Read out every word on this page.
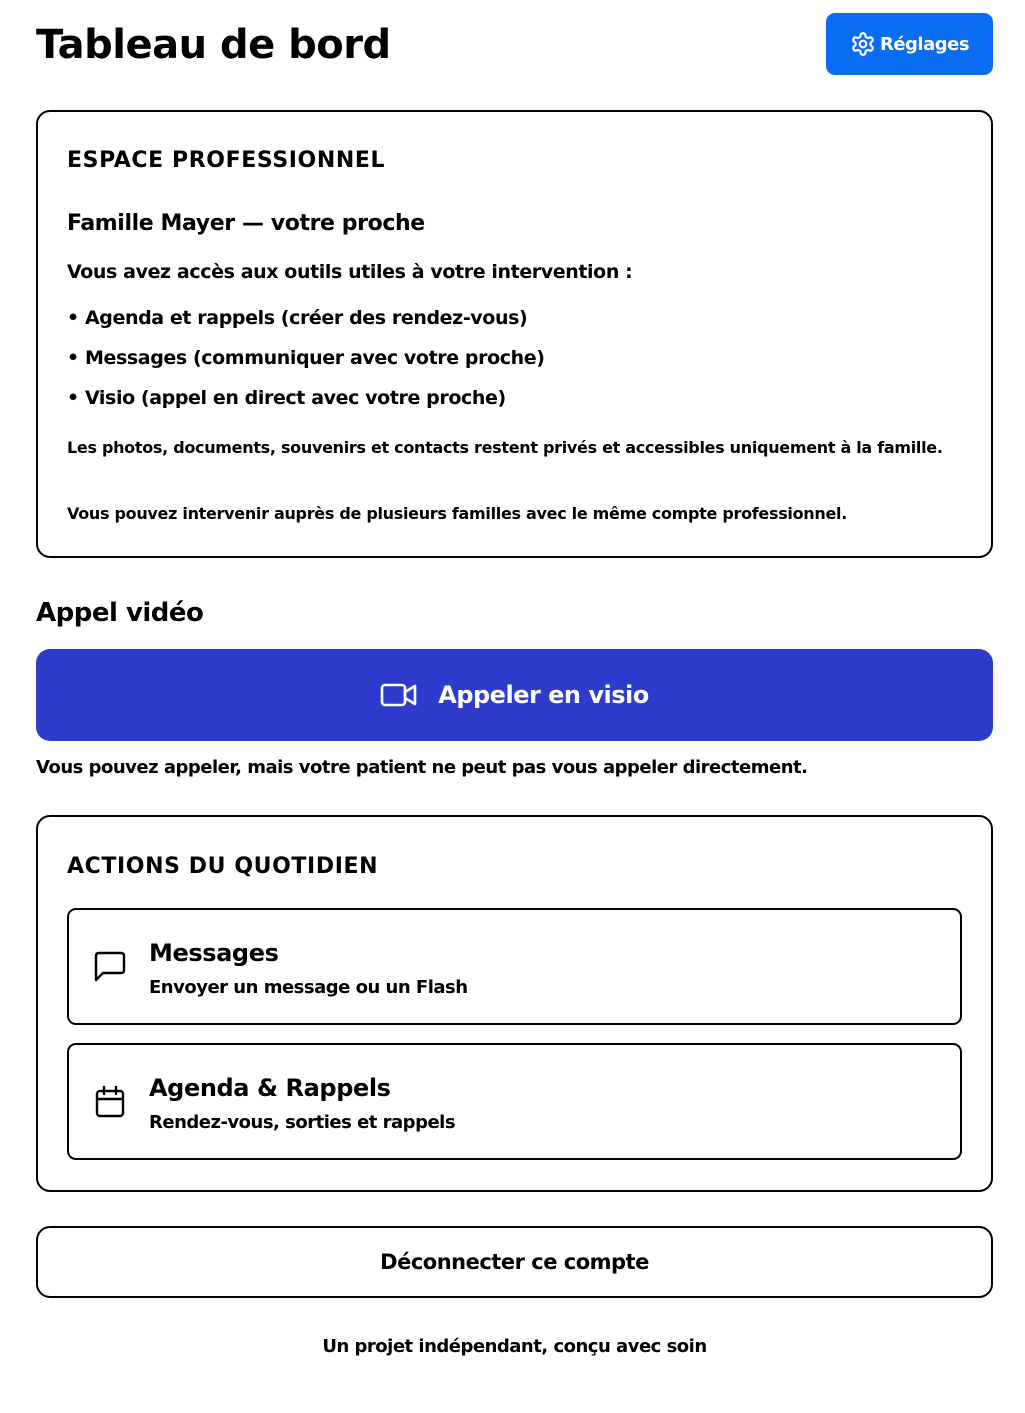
Tableau de bord	Réglages
ESPACE PROFESSIONNEL
Famille Mayer — votre proche

Vous avez accès aux outils utiles à votre intervention :

• Agenda et rappels (créer des rendez-vous)
• Messages (communiquer avec votre proche)
• Visio (appel en direct avec votre proche)

Les photos, documents, souvenirs et contacts restent privés et accessibles uniquement à la famille.

Vous pouvez intervenir auprès de plusieurs familles avec le même compte professionnel.

Appel vidéo
Appeler en visio

Vous pouvez appeler, mais votre patient ne peut pas vous appeler directement.

ACTIONS DU QUOTIDIEN
Messages

Envoyer un message ou un Flash

Agenda & Rappels

Rendez-vous, sorties et rappels

Déconnecter ce compte

Un projet indépendant, conçu avec soin
